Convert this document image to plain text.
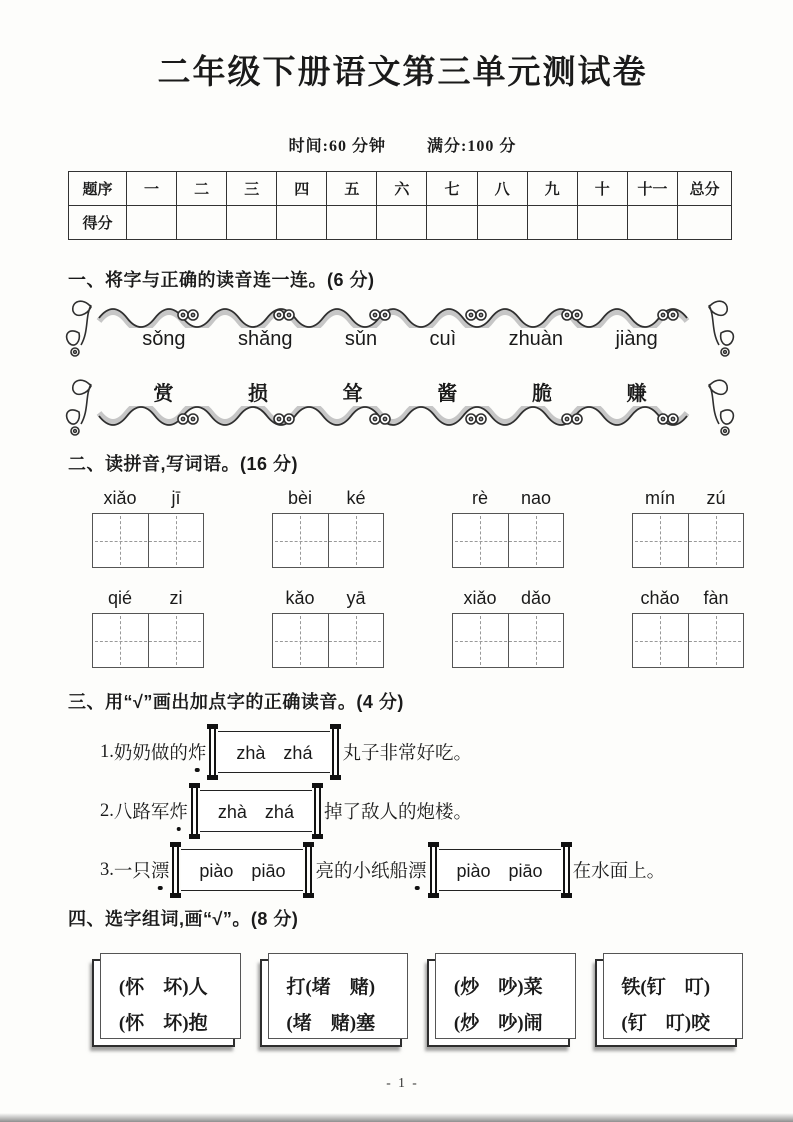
二年级下册语文第三单元测试卷
时间:60 分钟	满分:100 分
题序	一	二	三	四	五	六	七	八	九	十	十一	总分
得分												
一、将字与正确的读音连一连。(6 分)
sǒng	shǎng	sǔn	cuì	zhuàn	jiàng
赏	损	耸	酱	脆	赚
二、读拼音,写词语。(16 分)
xiǎo	jī	bèi	ké	rè	nao	mín	zú
qié	zi	kǎo	yā	xiǎo	dǎo	chǎo	fàn
三、用“√”画出加点字的正确读音。(4 分)
1. 奶奶做的 炸	zhà　zhá	丸子非常好吃。
2. 八路军 炸	zhà　zhá	掉了敌人的炮楼。
3. 一只 漂	piào　piāo	亮的小纸船 漂	piào　piāo	在水面上。
四、选字组词,画“√”。(8 分)
(怀　坏)人
(怀　坏)抱
打(堵　赌)
(堵　赌)塞
(炒　吵)菜
(炒　吵)闹
铁(钉　叮)
(钉　叮)咬
- 1 -
